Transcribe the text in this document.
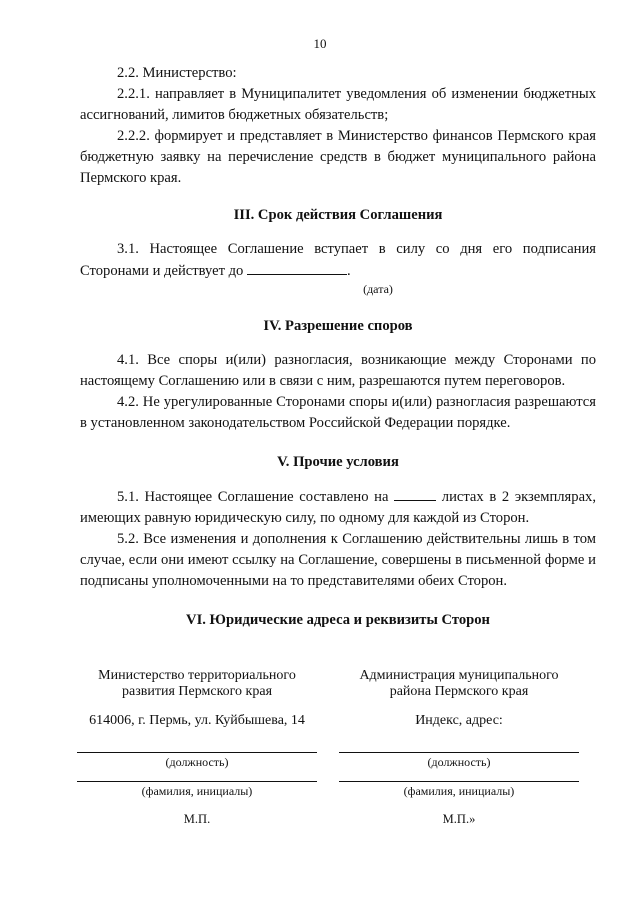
10

2.2. Министерство:

2.2.1. направляет в Муниципалитет уведомления об изменении бюджетных ассигнований, лимитов бюджетных обязательств;

2.2.2. формирует и представляет в Министерство финансов Пермского края бюджетную заявку на перечисление средств в бюджет муниципального района Пермского края.

III. Срок действия Соглашения

3.1. Настоящее Соглашение вступает в силу со дня его подписания Сторонами и действует до	.

(дата)
IV. Разрешение споров

4.1. Все споры и(или) разногласия, возникающие между Сторонами по настоящему Соглашению или в связи с ним, разрешаются путем переговоров.

4.2. Не урегулированные Сторонами споры и(или) разногласия разрешаются в установленном законодательством Российской Федерации порядке.

V. Прочие условия

5.1. Настоящее Соглашение составлено на	листах в 2 экземплярах, имеющих равную юридическую силу, по одному для каждой из Сторон.

5.2. Все изменения и дополнения к Соглашению действительны лишь в том случае, если они имеют ссылку на Соглашение, совершены в письменной форме и подписаны уполномоченными на то представителями обеих Сторон.

VI. Юридические адреса и реквизиты Сторон
Министерство территориального
развития Пермского края
614006, г. Пермь, ул. Куйбышева, 14
(должность)
(фамилия, инициалы)
М.П.
Администрация муниципального
района Пермского края
Индекс, адрес:
(должность)
(фамилия, инициалы)
М.П.»
